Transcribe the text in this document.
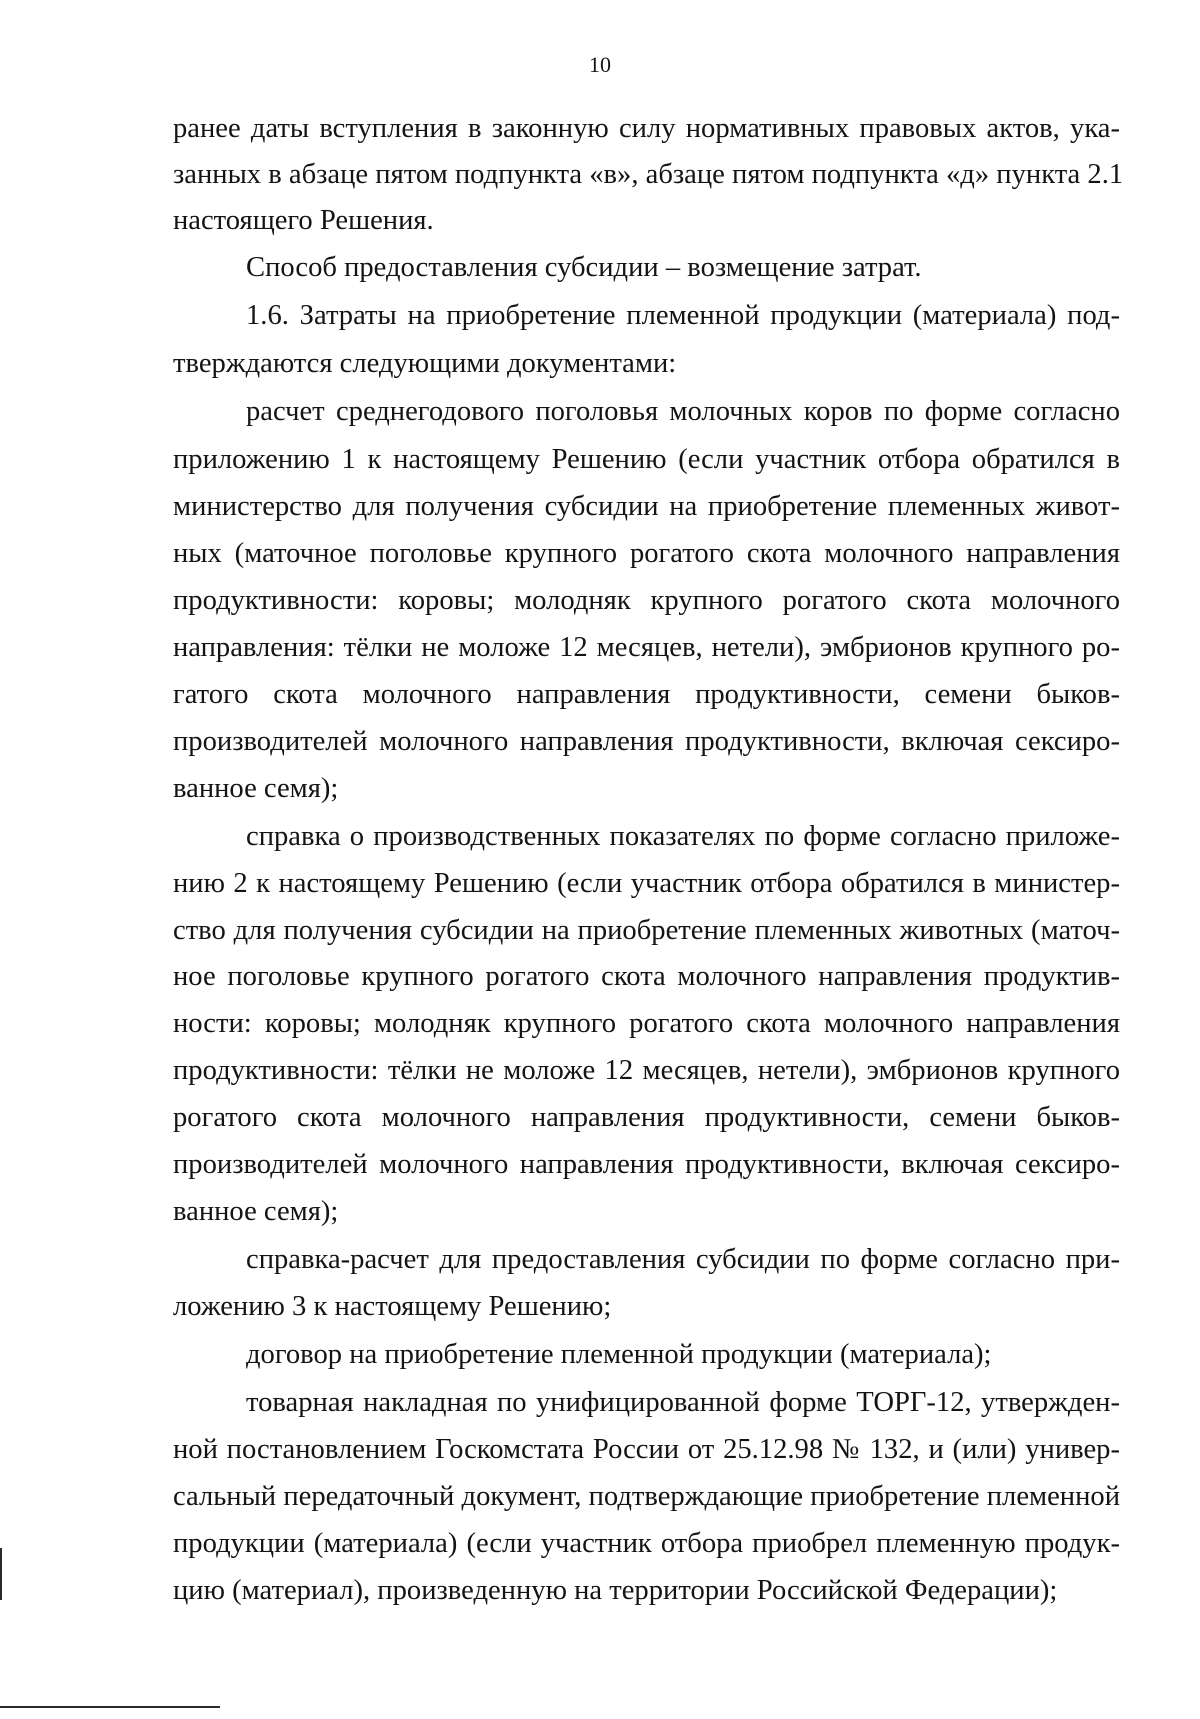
10
ранее даты вступления в законную силу нормативных правовых актов, ука-
занных в абзаце пятом подпункта «в», абзаце пятом подпункта «д» пункта 2.1
настоящего Решения.
Способ предоставления субсидии – возмещение затрат.
1.6. Затраты на приобретение племенной продукции (материала) под-
тверждаются следующими документами:
расчет среднегодового поголовья молочных коров по форме согласно
приложению 1 к настоящему Решению (если участник отбора обратился в
министерство для получения субсидии на приобретение племенных живот-
ных (маточное поголовье крупного рогатого скота молочного направления
продуктивности: коровы; молодняк крупного рогатого скота молочного
направления: тёлки не моложе 12 месяцев, нетели), эмбрионов крупного ро-
гатого скота молочного направления продуктивности, семени быков-
производителей молочного направления продуктивности, включая сексиро-
ванное семя);
справка о производственных показателях по форме согласно приложе-
нию 2 к настоящему Решению (если участник отбора обратился в министер-
ство для получения субсидии на приобретение племенных животных (маточ-
ное поголовье крупного рогатого скота молочного направления продуктив-
ности: коровы; молодняк крупного рогатого скота молочного направления
продуктивности: тёлки не моложе 12 месяцев, нетели), эмбрионов крупного
рогатого скота молочного направления продуктивности, семени быков-
производителей молочного направления продуктивности, включая сексиро-
ванное семя);
справка-расчет для предоставления субсидии по форме согласно при-
ложению 3 к настоящему Решению;
договор на приобретение племенной продукции (материала);
товарная накладная по унифицированной форме ТОРГ-12, утвержден-
ной постановлением Госкомстата России от 25.12.98 № 132, и (или) универ-
сальный передаточный документ, подтверждающие приобретение племенной
продукции (материала) (если участник отбора приобрел племенную продук-
цию (материал), произведенную на территории Российской Федерации);
